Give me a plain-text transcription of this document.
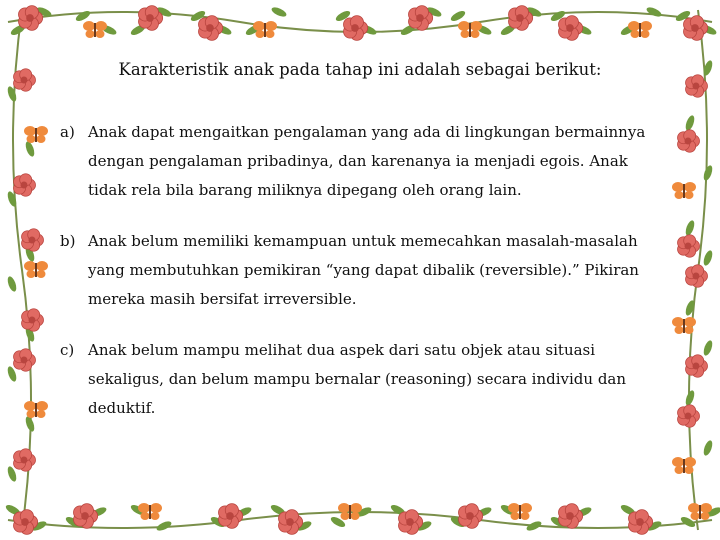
Karakteristik anak pada tahap ini adalah sebagai berikut:
a) Anak dapat mengaitkan pengalaman yang ada di lingkungan bermainnya dengan pengalaman pribadinya, dan karenanya ia menjadi egois. Anak tidak rela bila barang miliknya dipegang oleh orang lain.
b) Anak belum memiliki kemampuan untuk memecahkan masalah-masalah yang membutuhkan pemikiran “yang dapat dibalik (reversible).” Pikiran mereka masih bersifat irreversible.
c) Anak belum mampu melihat dua aspek dari satu objek atau situasi sekaligus, dan belum mampu bernalar (reasoning) secara individu dan deduktif.
